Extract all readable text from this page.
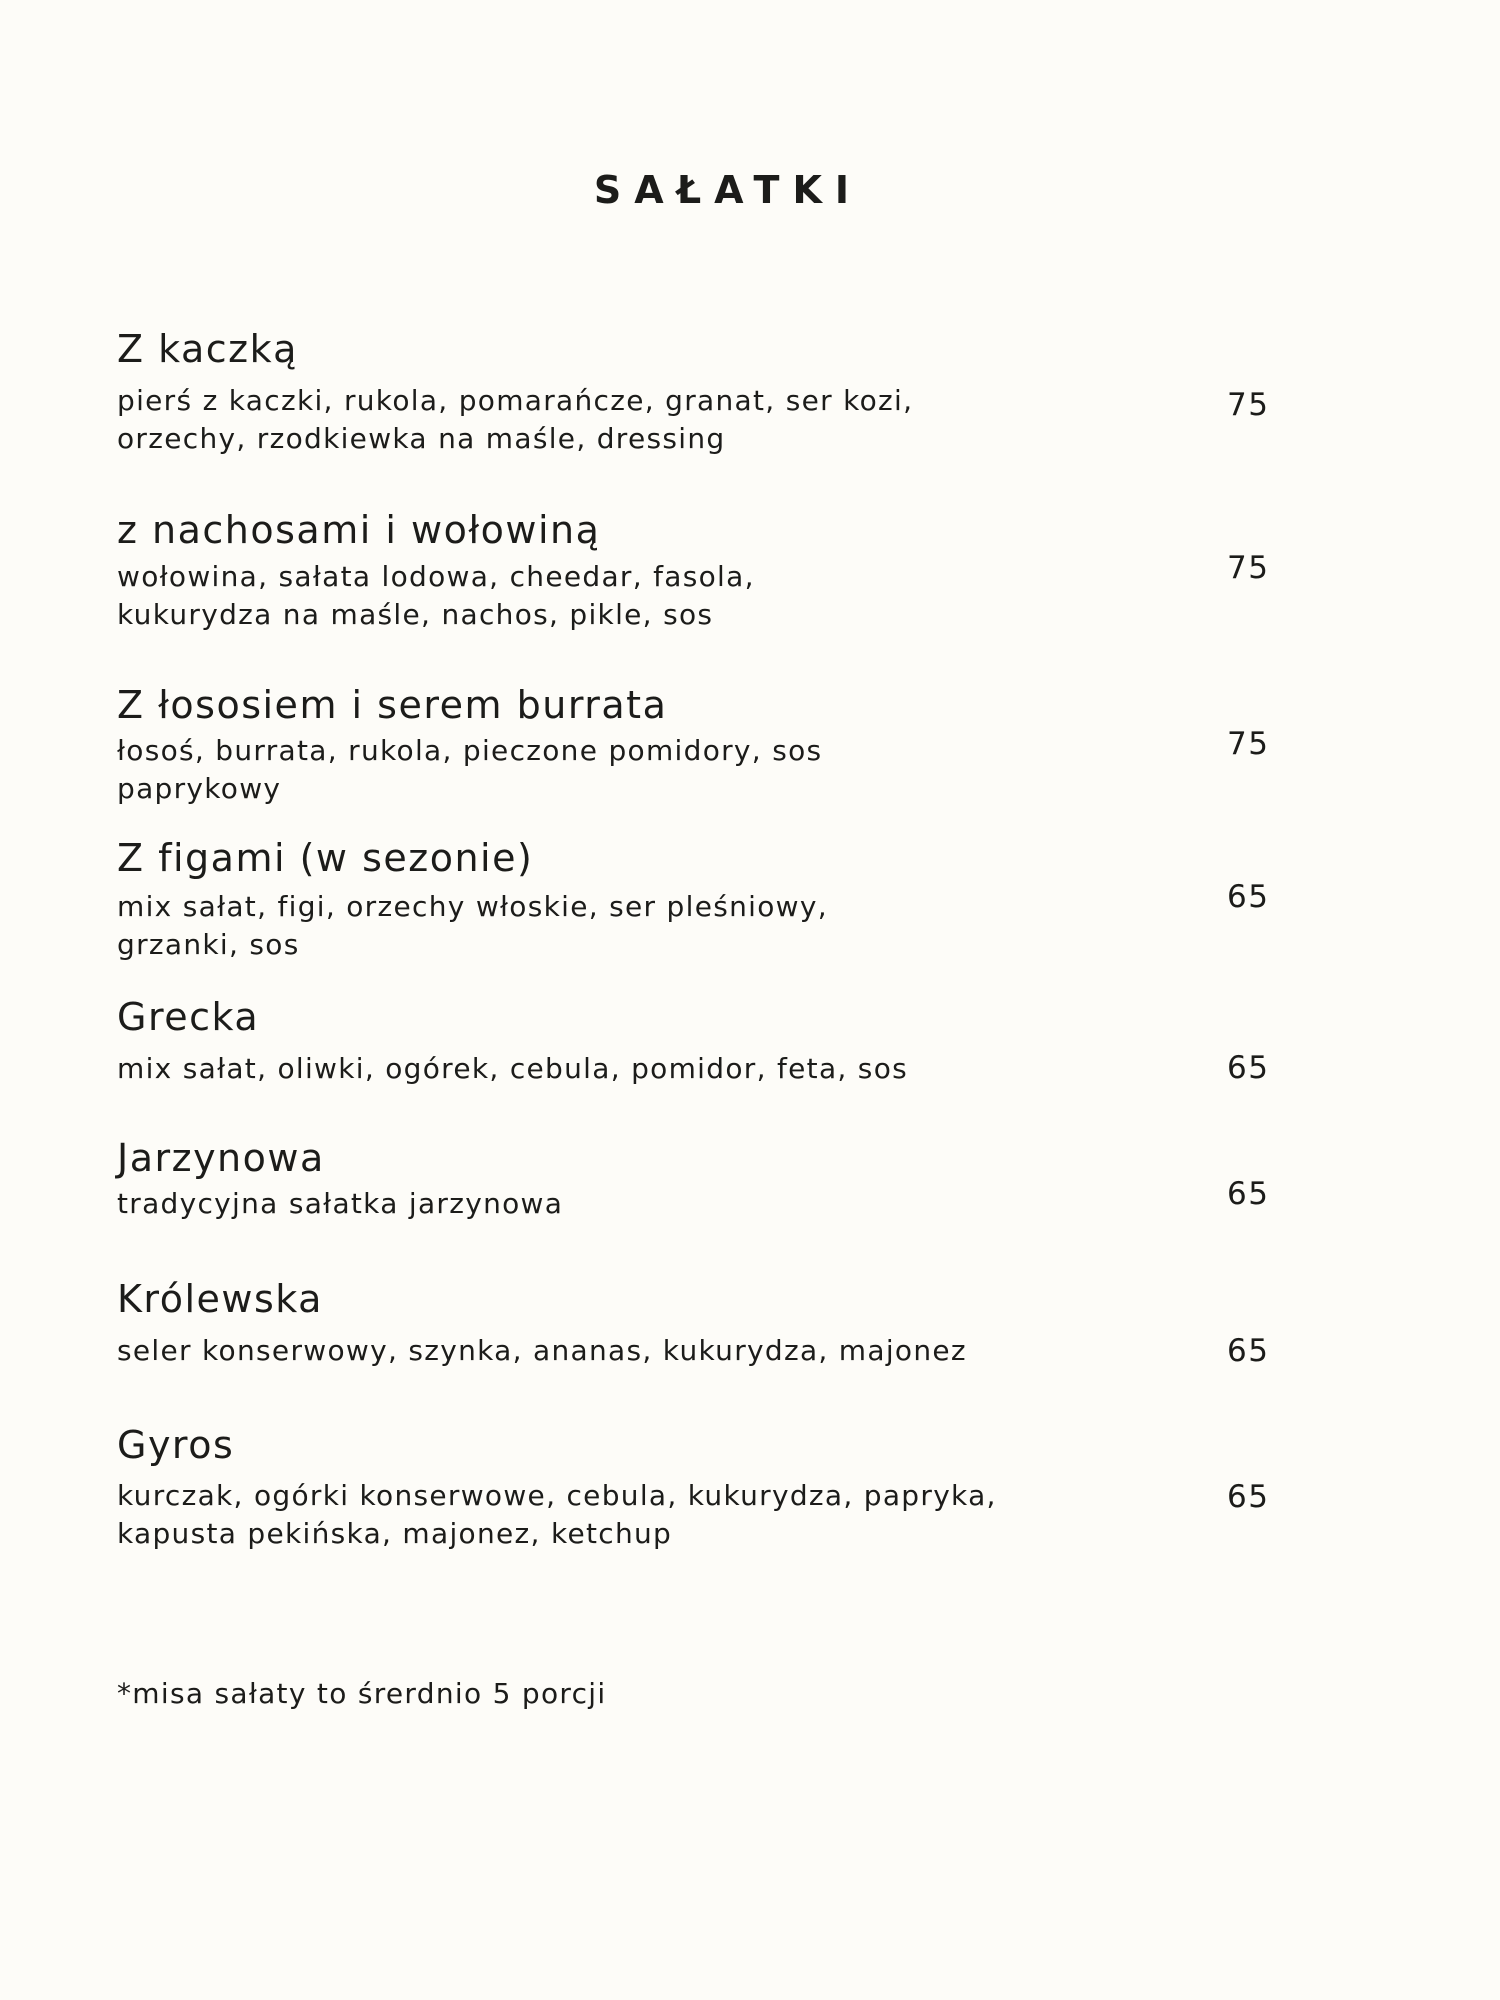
SAŁATKI
Z kaczką
pierś z kaczki, rukola, pomarańcze, granat, ser kozi,
orzechy, rzodkiewka na maśle, dressing
75
z nachosami i wołowiną
wołowina, sałata lodowa, cheedar, fasola,
kukurydza na maśle, nachos, pikle, sos
75
Z łososiem i serem burrata
łosoś, burrata, rukola, pieczone pomidory, sos
paprykowy
75
Z figami (w sezonie)
mix sałat, figi, orzechy włoskie, ser pleśniowy,
grzanki, sos
65
Grecka
mix sałat, oliwki, ogórek, cebula, pomidor, feta, sos	65
Jarzynowa
tradycyjna sałatka jarzynowa	65
Królewska
seler konserwowy, szynka, ananas, kukurydza, majonez	65
Gyros
kurczak, ogórki konserwowe, cebula, kukurydza, papryka,
kapusta pekińska, majonez, ketchup
65
*misa sałaty to śrerdnio 5 porcji
